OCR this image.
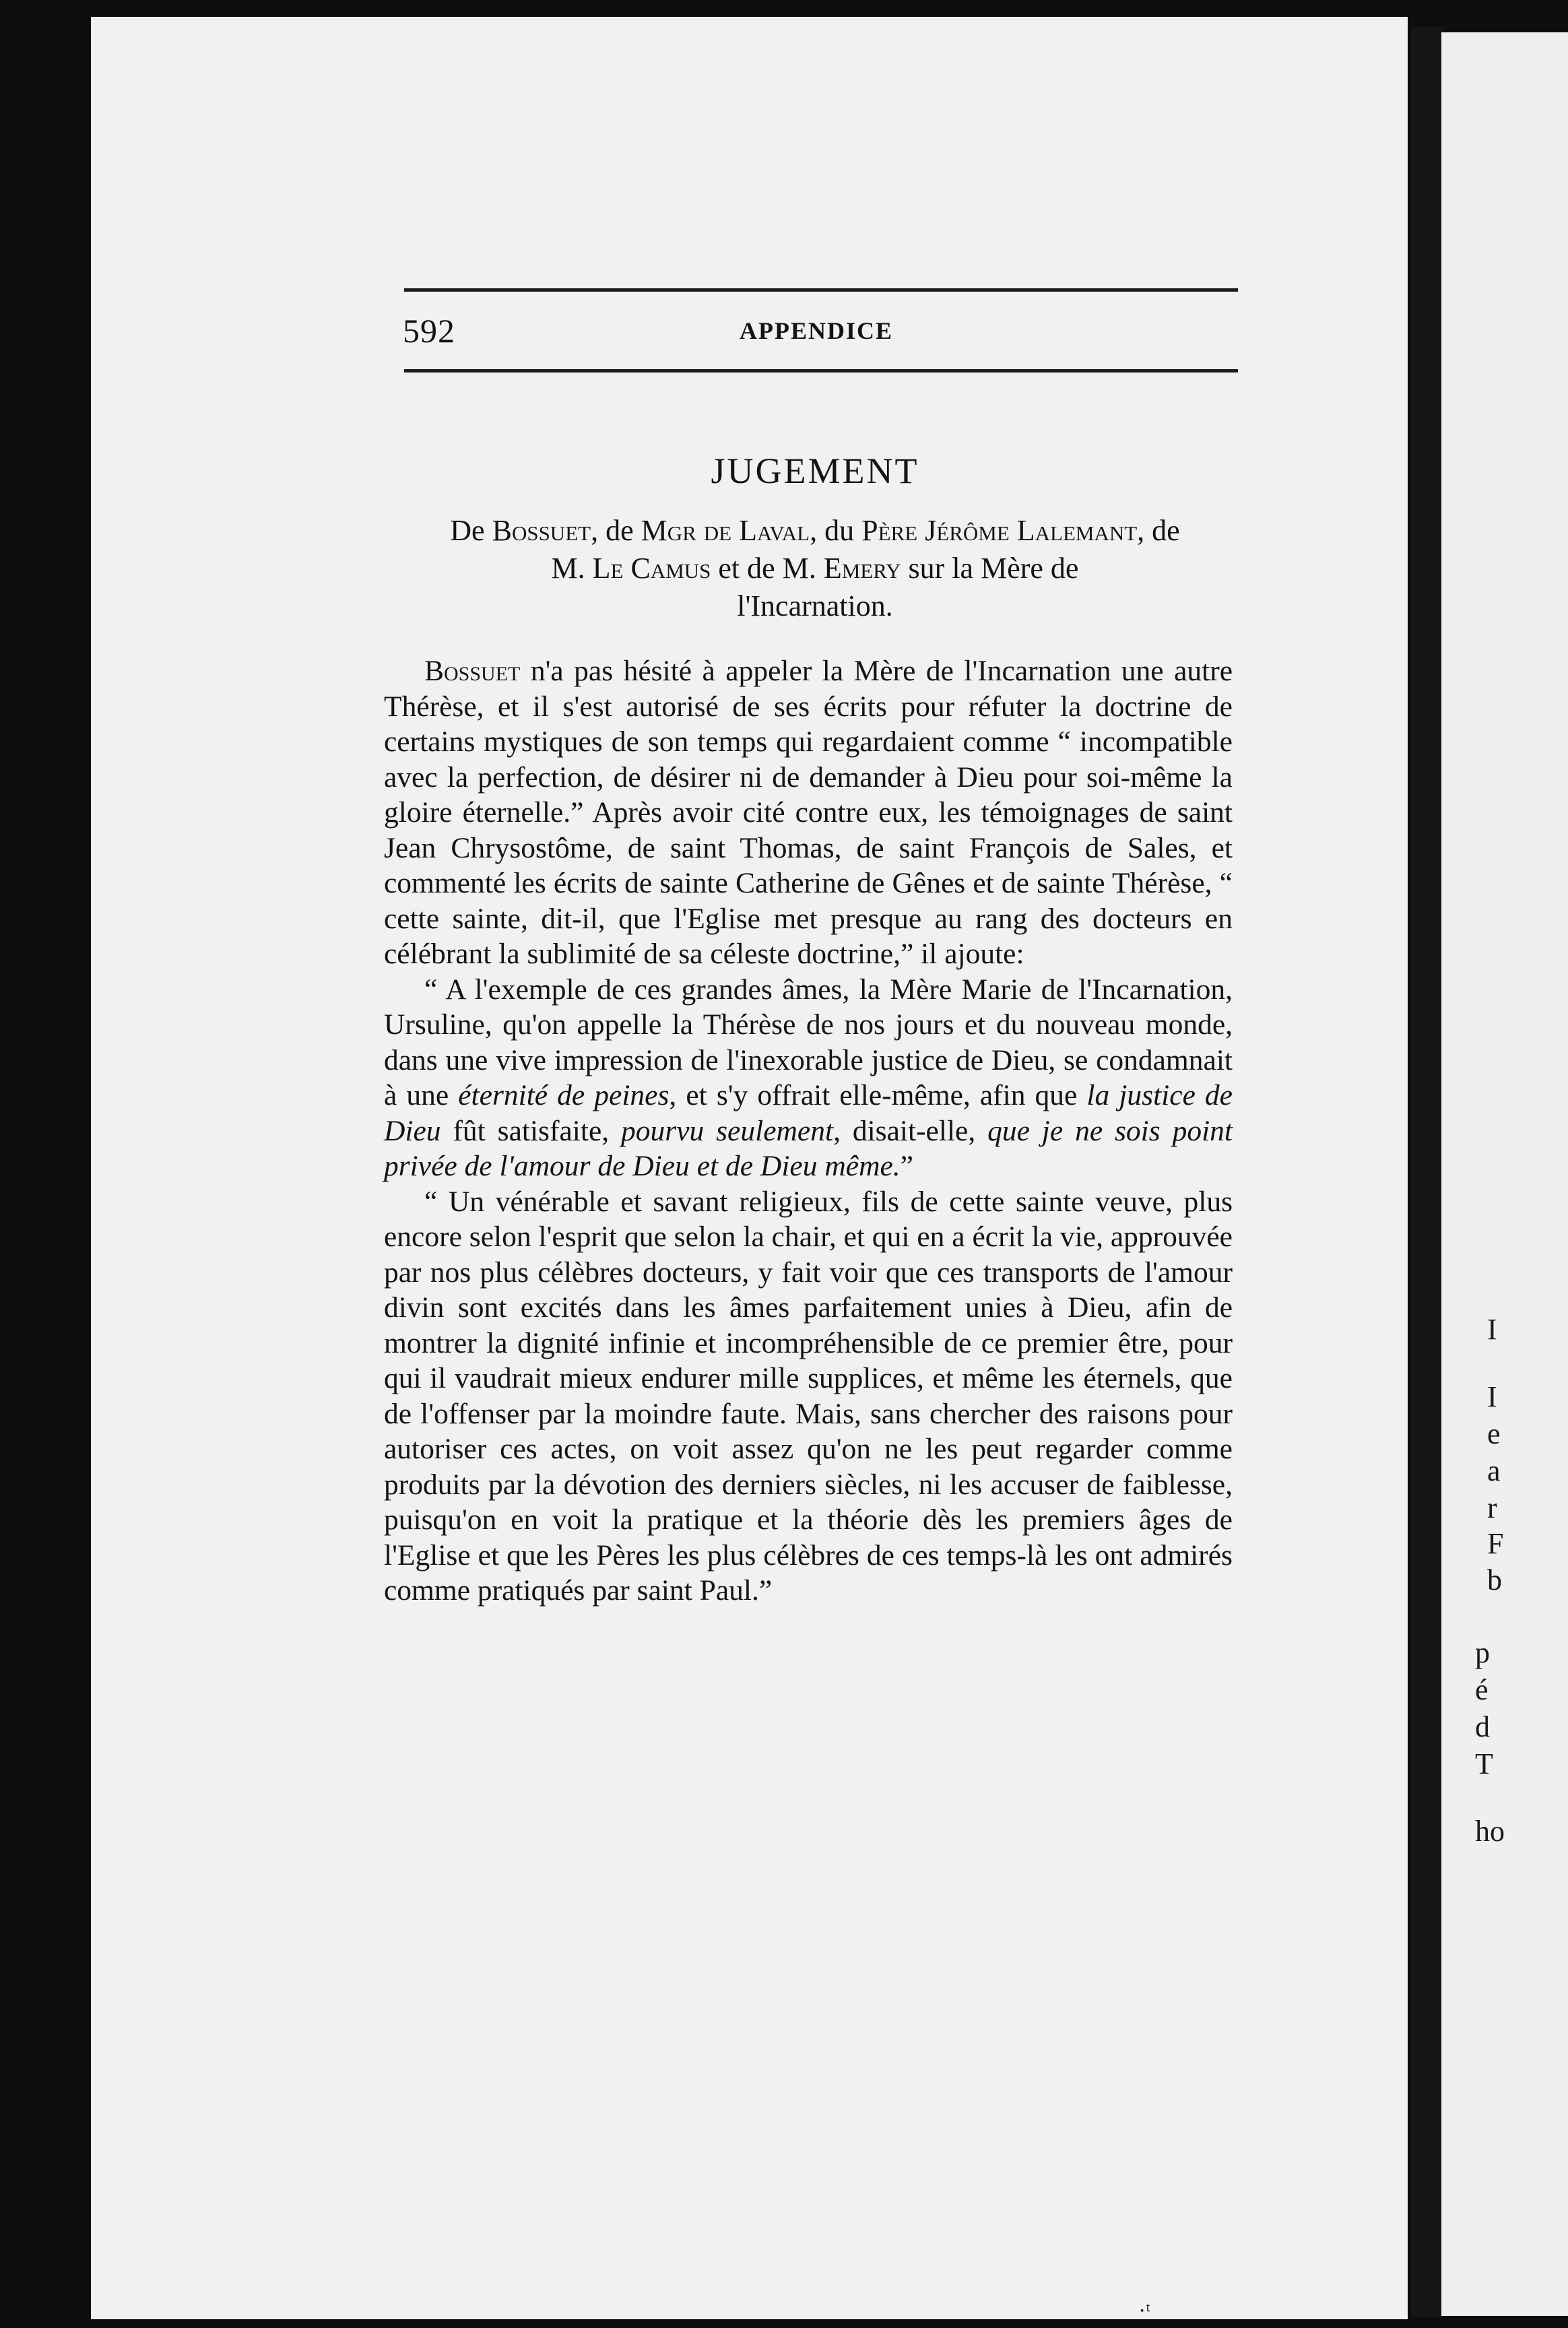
I
I
e
a
r
F
b
p
é
d
T
ho
592	APPENDICE
JUGEMENT
De Bossuet, de Mgr de Laval, du Père Jérôme Lalemant, de
M. Le Camus et de M. Emery sur la Mère de
l'Incarnation.

Bossuet n'a pas hésité à appeler la Mère de l'Incarnation une autre Thérèse, et il s'est autorisé de ses écrits pour réfuter la doctrine de certains mystiques de son temps qui regardaient comme “ incompatible avec la perfection, de désirer ni de demander à Dieu pour soi-même la gloire éternelle.” Après avoir cité contre eux, les témoignages de saint Jean Chrysostôme, de saint Thomas, de saint François de Sales, et commenté les écrits de sainte Catherine de Gênes et de sainte Thérèse, “ cette sainte, dit-il, que l'Eglise met presque au rang des docteurs en célébrant la sublimité de sa céleste doctrine,” il ajoute:

“ A l'exemple de ces grandes âmes, la Mère Marie de l'Incarnation, Ursuline, qu'on appelle la Thérèse de nos jours et du nouveau monde, dans une vive impression de l'inexorable justice de Dieu, se condamnait à une éternité de peines, et s'y offrait elle-même, afin que la justice de Dieu fût satisfaite, pourvu seulement, disait-elle, que je ne sois point privée de l'amour de Dieu et de Dieu même.”

“ Un vénérable et savant religieux, fils de cette sainte veuve, plus encore selon l'esprit que selon la chair, et qui en a écrit la vie, approuvée par nos plus célèbres docteurs, y fait voir que ces transports de l'amour divin sont excités dans les âmes parfaitement unies à Dieu, afin de montrer la dignité infinie et incompréhensible de ce premier être, pour qui il vaudrait mieux endurer mille supplices, et même les éternels, que de l'offenser par la moindre faute. Mais, sans chercher des raisons pour autoriser ces actes, on voit assez qu'on ne les peut regarder comme produits par la dévotion des derniers siècles, ni les accuser de faiblesse, puisqu'on en voit la pratique et la théorie dès les premiers âges de l'Eglise et que les Pères les plus célèbres de ces temps-là les ont admirés comme pratiqués par saint Paul.”

·ᵗ
